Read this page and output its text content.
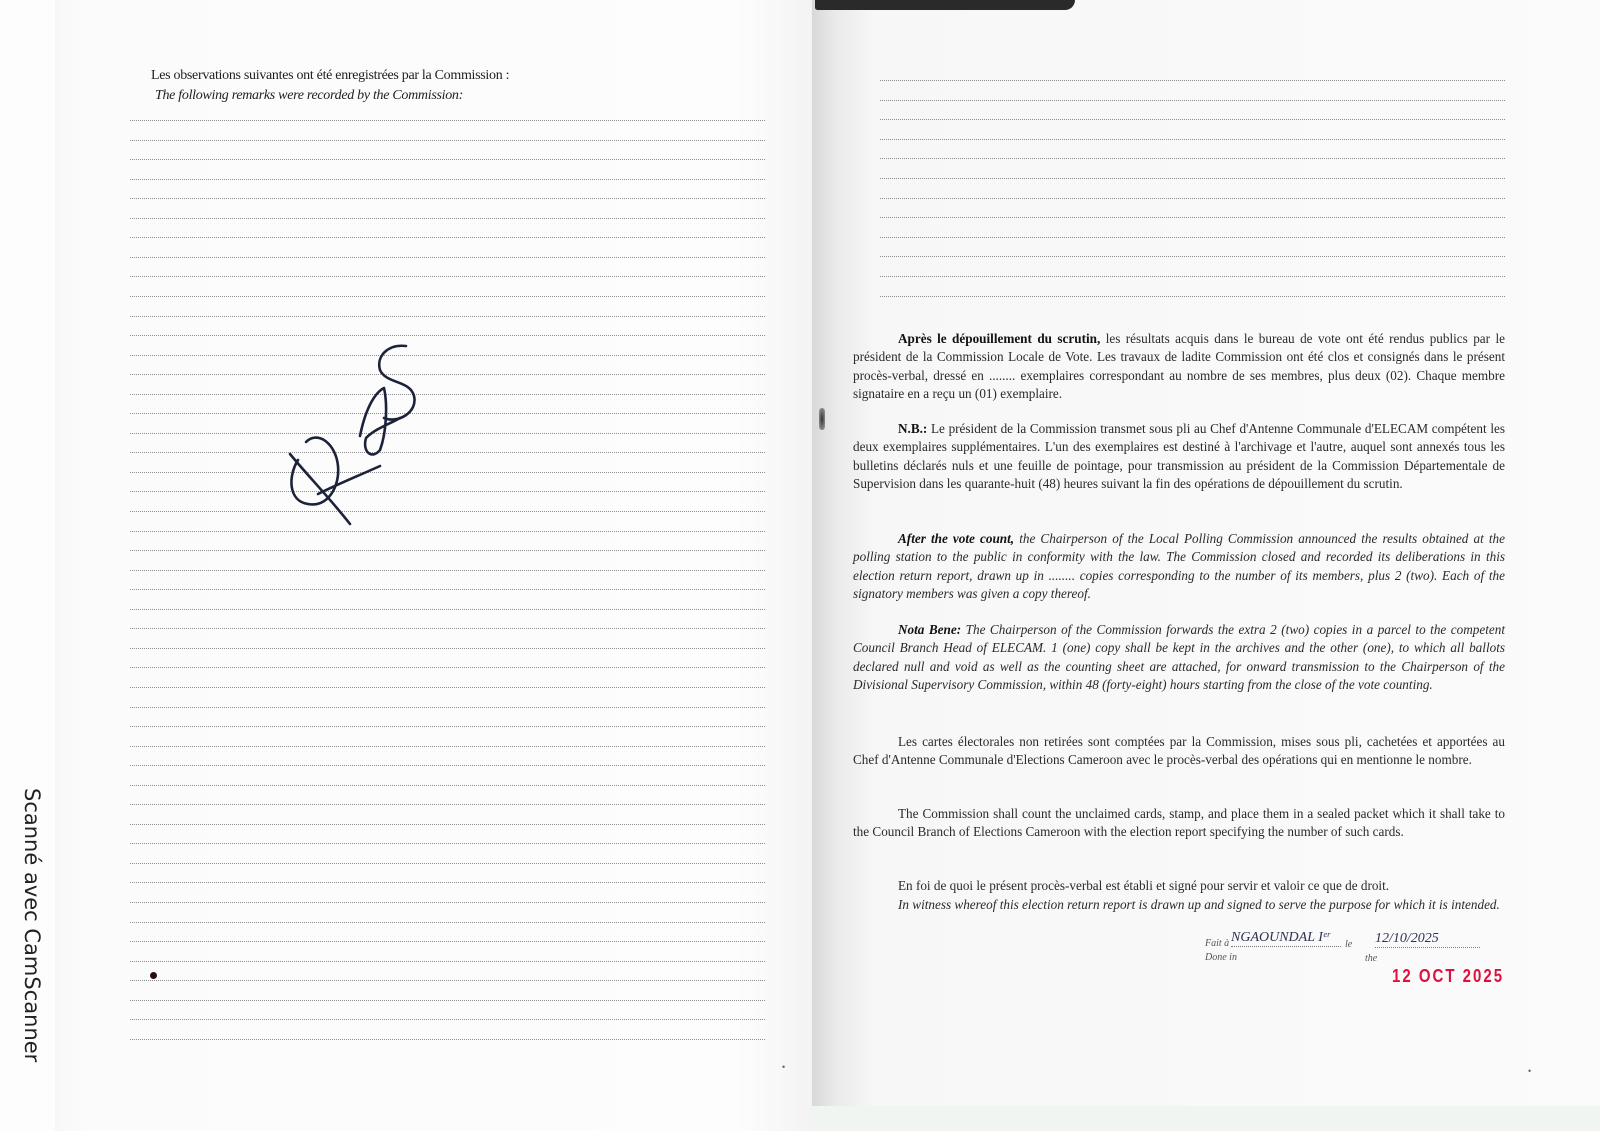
Scanné avec CamScanner
Les observations suivantes ont été enregistrées par la Commission :
The following remarks were recorded by the Commission:
•
Après le dépouillement du scrutin, les résultats acquis dans le bureau de vote ont été rendus publics par le président de la Commission Locale de Vote. Les travaux de ladite Commission ont été clos et consignés dans le présent procès-verbal, dressé en ........ exemplaires correspondant au nombre de ses membres, plus deux (02). Chaque membre signataire en a reçu un (01) exemplaire.
N.B.: Le président de la Commission transmet sous pli au Chef d'Antenne Communale d'ELECAM compétent les deux exemplaires supplémentaires. L'un des exemplaires est destiné à l'archivage et l'autre, auquel sont annexés tous les bulletins déclarés nuls et une feuille de pointage, pour transmission au président de la Commission Départementale de Supervision dans les quarante-huit (48) heures suivant la fin des opérations de dépouillement du scrutin.
After the vote count, the Chairperson of the Local Polling Commission announced the results obtained at the polling station to the public in conformity with the law. The Commission closed and recorded its deliberations in this election return report, drawn up in ........ copies corresponding to the number of its members, plus 2 (two). Each of the signatory members was given a copy thereof.
Nota Bene: The Chairperson of the Commission forwards the extra 2 (two) copies in a parcel to the competent Council Branch Head of ELECAM. 1 (one) copy shall be kept in the archives and the other (one), to which all ballots declared null and void as well as the counting sheet are attached, for onward transmission to the Chairperson of the Divisional Supervisory Commission, within 48 (forty-eight) hours starting from the close of the vote counting.
Les cartes électorales non retirées sont comptées par la Commission, mises sous pli, cachetées et apportées au Chef d'Antenne Communale d'Elections Cameroon avec le procès-verbal des opérations qui en mentionne le nombre.
The Commission shall count the unclaimed cards, stamp, and place them in a sealed packet which it shall take to the Council Branch of Elections Cameroon with the election report specifying the number of such cards.
En foi de quoi le présent procès-verbal est établi et signé pour servir et valoir ce que de droit.
In witness whereof this election return report is drawn up and signed to serve the purpose for which it is intended.
Fait à
Done in
NGAOUNDAL Iᵉʳ	le
the
12/10/2025
12 OCT 2025
•
